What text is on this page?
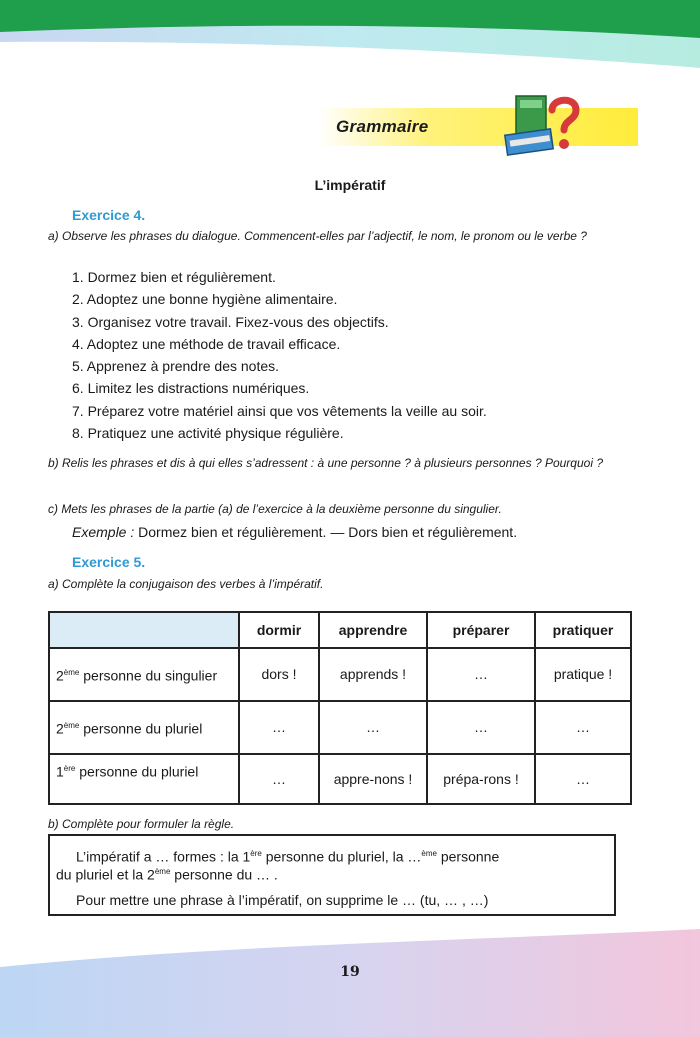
Grammaire
L’impératif
Exercice 4.
a) Observe les phrases du dialogue. Commencent-elles par l’adjectif, le nom, le pronom ou le verbe ?
1. Dormez bien et régulièrement.
2. Adoptez une bonne hygiène alimentaire.
3. Organisez votre travail. Fixez-vous des objectifs.
4. Adoptez une méthode de travail efficace.
5. Apprenez à prendre des notes.
6. Limitez les distractions numériques.
7. Préparez votre matériel ainsi que vos vêtements la veille au soir.
8. Pratiquez une activité physique régulière.
b) Relis les phrases et dis à qui elles s’adressent : à une personne ? à plusieurs personnes ? Pourquoi ?
c) Mets les phrases de la partie (a) de l’exercice à la deuxième personne du singulier.
Exemple : Dormez bien et régulièrement. — Dors bien et régulièrement.
Exercice 5.
a) Complète la conjugaison des verbes à l’impératif.
	dormir	apprendre	préparer	pratiquer
2ème personne du singulier	dors !	apprends !	…	pratique !
2ème personne du pluriel	…	…	…	…
1ère personne du pluriel	…	appre-nons !	prépa-rons !	…
b) Complète pour formuler la règle.
L’impératif a … formes : la 1ère personne du pluriel, la …$^{ème}$ personne
du pluriel et la 2ème personne du … .
Pour mettre une phrase à l’impératif, on supprime le … (tu, … , …)
19
